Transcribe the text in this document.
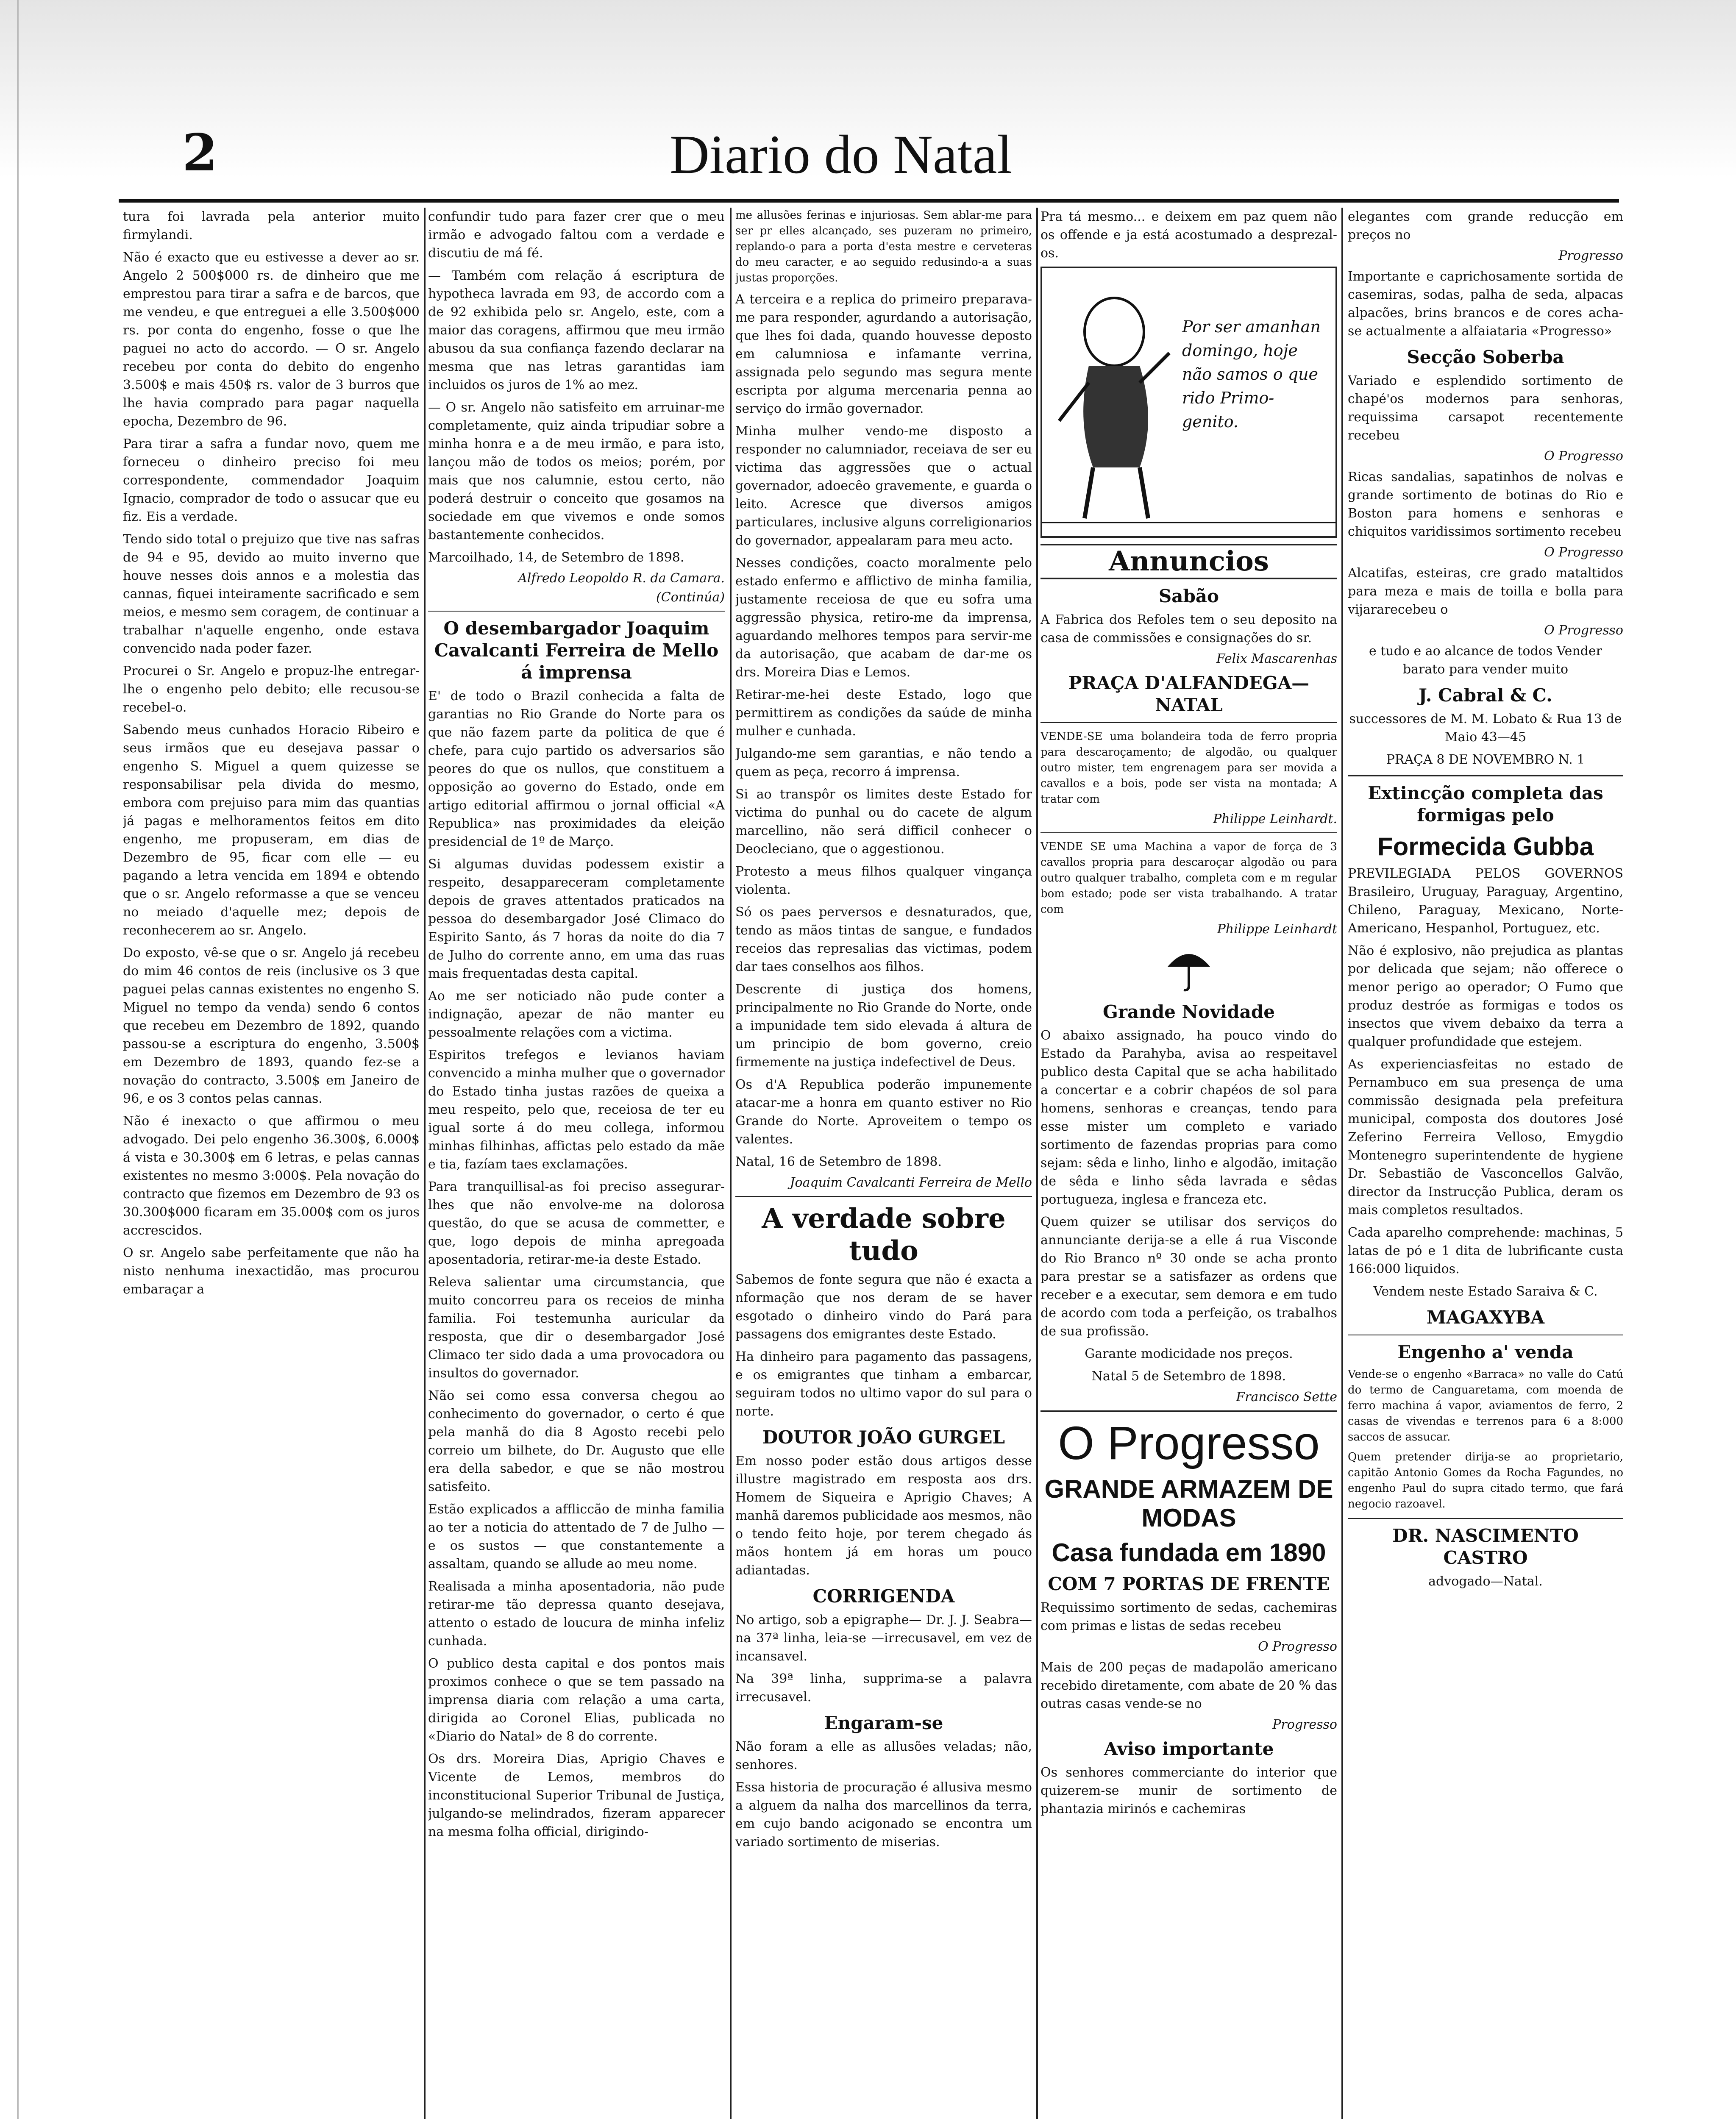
2	Diario do Natal

tura foi lavrada pela anterior muito firmylandi.

Não é exacto que eu estivesse a dever ao sr. Angelo 2 500$000 rs. de dinheiro que me emprestou para tirar a safra e de barcos, que me vendeu, e que entreguei a elle 3.500$000 rs. por conta do engenho, fosse o que lhe paguei no acto do accordo. — O sr. Angelo recebeu por conta do debito do engenho 3.500$ e mais 450$ rs. valor de 3 burros que lhe havia comprado para pagar naquella epocha, Dezembro de 96.

Para tirar a safra a fundar novo, quem me forneceu o dinheiro preciso foi meu correspondente, commendador Joaquim Ignacio, comprador de todo o assucar que eu fiz. Eis a verdade.

Tendo sido total o prejuizo que tive nas safras de 94 e 95, devido ao muito inverno que houve nesses dois annos e a molestia das cannas, fiquei inteiramente sacrificado e sem meios, e mesmo sem coragem, de continuar a trabalhar n'aquelle engenho, onde estava convencido nada poder fazer.

Procurei o Sr. Angelo e propuz-lhe entregar-lhe o engenho pelo debito; elle recusou-se recebel-o.

Sabendo meus cunhados Horacio Ribeiro e seus irmãos que eu desejava passar o engenho S. Miguel a quem quizesse se responsabilisar pela divida do mesmo, embora com prejuiso para mim das quantias já pagas e melhoramentos feitos em dito engenho, me propuseram, em dias de Dezembro de 95, ficar com elle — eu pagando a letra vencida em 1894 e obtendo que o sr. Angelo reformasse a que se venceu no meiado d'aquelle mez; depois de reconhecerem ao sr. Angelo.

Do exposto, vê-se que o sr. Angelo já recebeu do mim 46 contos de reis (inclusive os 3 que paguei pelas cannas existentes no engenho S. Miguel no tempo da venda) sendo 6 contos que recebeu em Dezembro de 1892, quando passou-se a escriptura do engenho, 3.500$ em Dezembro de 1893, quando fez-se a novação do contracto, 3.500$ em Janeiro de 96, e os 3 contos pelas cannas.

Não é inexacto o que affirmou o meu advogado. Dei pelo engenho 36.300$, 6.000$ á vista e 30.300$ em 6 letras, e pelas cannas existentes no mesmo 3:000$. Pela novação do contracto que fizemos em Dezembro de 93 os 30.300$000 ficaram em 35.000$ com os juros accrescidos.

O sr. Angelo sabe perfeitamente que não ha nisto nenhuma inexactidão, mas procurou embaraçar a

confundir tudo para fazer crer que o meu irmão e advogado faltou com a verdade e discutiu de má fé.

— Também com relação á escriptura de hypotheca lavrada em 93, de accordo com a de 92 exhibida pelo sr. Angelo, este, com a maior das coragens, affirmou que meu irmão abusou da sua confiança fazendo declarar na mesma que nas letras garantidas iam incluidos os juros de 1% ao mez.

— O sr. Angelo não satisfeito em arruinar-me completamente, quiz ainda tripudiar sobre a minha honra e a de meu irmão, e para isto, lançou mão de todos os meios; porém, por mais que nos calumnie, estou certo, não poderá destruir o conceito que gosamos na sociedade em que vivemos e onde somos bastantemente conhecidos.

Marcoilhado, 14, de Setembro de 1898.

Alfredo Leopoldo R. da Camara.

(Continúa)

O desembargador Joaquim Cavalcanti Ferreira de Mello á imprensa

E' de todo o Brazil conhecida a falta de garantias no Rio Grande do Norte para os que não fazem parte da politica de que é chefe, para cujo partido os adversarios são peores do que os nullos, que constituem a opposição ao governo do Estado, onde em artigo editorial affirmou o jornal official «A Republica» nas proximidades da eleição presidencial de 1º de Março.

Si algumas duvidas podessem existir a respeito, desappareceram completamente depois de graves attentados praticados na pessoa do desembargador José Climaco do Espirito Santo, ás 7 horas da noite do dia 7 de Julho do corrente anno, em uma das ruas mais frequentadas desta capital.

Ao me ser noticiado não pude conter a indignação, apezar de não manter eu pessoalmente relações com a victima.

Espiritos trefegos e levianos haviam convencido a minha mulher que o governador do Estado tinha justas razões de queixa a meu respeito, pelo que, receiosa de ter eu igual sorte á do meu collega, informou minhas filhinhas, affictas pelo estado da mãe e tia, fazíam taes exclamações.

Para tranquillisal-as foi preciso assegurar-lhes que não envolve-me na dolorosa questão, do que se acusa de commetter, e que, logo depois de minha apregoada aposentadoria, retirar-me-ia deste Estado.

Releva salientar uma circumstancia, que muito concorreu para os receios de minha familia. Foi testemunha auricular da resposta, que dir o desembargador José Climaco ter sido dada a uma provocadora ou insultos do governador.

Não sei como essa conversa chegou ao conhecimento do governador, o certo é que pela manhã do dia 8 Agosto recebi pelo correio um bilhete, do Dr. Augusto que elle era della sabedor, e que se não mostrou satisfeito.

Estão explicados a affliccão de minha familia ao ter a noticia do attentado de 7 de Julho — e os sustos — que constantemente a assaltam, quando se allude ao meu nome.

Realisada a minha aposentadoria, não pude retirar-me tão depressa quanto desejava, attento o estado de loucura de minha infeliz cunhada.

O publico desta capital e dos pontos mais proximos conhece o que se tem passado na imprensa diaria com relação a uma carta, dirigida ao Coronel Elias, publicada no «Diario do Natal» de 8 do corrente.

Os drs. Moreira Dias, Aprigio Chaves e Vicente de Lemos, membros do inconstitucional Superior Tribunal de Justiça, julgando-se melindrados, fizeram apparecer na mesma folha official, dirigindo-

me allusões ferinas e injuriosas. Sem ablar-me para ser pr elles alcançado, ses puzeram no primeiro, replando-o para a porta d'esta mestre e cerveteras do meu caracter, e ao seguido redusindo-a a suas justas proporções.

A terceira e a replica do primeiro preparava-me para responder, agurdando a autorisação, que lhes foi dada, quando houvesse deposto em calumniosa e infamante verrina, assignada pelo segundo mas segura mente escripta por alguma mercenaria penna ao serviço do irmão governador.

Minha mulher vendo-me disposto a responder no calumniador, receiava de ser eu victima das aggressões que o actual governador, adoecêo gravemente, e guarda o leito. Acresce que diversos amigos particulares, inclusive alguns correligionarios do governador, appealaram para meu acto.

Nesses condições, coacto moralmente pelo estado enfermo e afflictivo de minha familia, justamente receiosa de que eu sofra uma aggressão physica, retiro-me da imprensa, aguardando melhores tempos para servir-me da autorisação, que acabam de dar-me os drs. Moreira Dias e Lemos.

Retirar-me-hei deste Estado, logo que permittirem as condições da saúde de minha mulher e cunhada.

Julgando-me sem garantias, e não tendo a quem as peça, recorro á imprensa.

Si ao transpôr os limites deste Estado for victima do punhal ou do cacete de algum marcellino, não será difficil conhecer o Deocleciano, que o aggestionou.

Protesto a meus filhos qualquer vingança violenta.

Só os paes perversos e desnaturados, que, tendo as mãos tintas de sangue, e fundados receios das represalias das victimas, podem dar taes conselhos aos filhos.

Descrente di justiça dos homens, principalmente no Rio Grande do Norte, onde a impunidade tem sido elevada á altura de um principio de bom governo, creio firmemente na justiça indefectivel de Deus.

Os d'A Republica poderão impunemente atacar-me a honra em quanto estiver no Rio Grande do Norte. Aproveitem o tempo os valentes.

Natal, 16 de Setembro de 1898.

Joaquim Cavalcanti Ferreira de Mello

A verdade sobre tudo

Sabemos de fonte segura que não é exacta a nformação que nos deram de se haver esgotado o dinheiro vindo do Pará para passagens dos emigrantes deste Estado.

Ha dinheiro para pagamento das passagens, e os emigrantes que tinham a embarcar, seguiram todos no ultimo vapor do sul para o norte.

DOUTOR JOÃO GURGEL

Em nosso poder estão dous artigos desse illustre magistrado em resposta aos drs. Homem de Siqueira e Aprigio Chaves; A manhã daremos publicidade aos mesmos, não o tendo feito hoje, por terem chegado ás mãos hontem já em horas um pouco adiantadas.

CORRIGENDA

No artigo, sob a epigraphe— Dr. J. J. Seabra—na 37ª linha, leia-se —irrecusavel, em vez de incansavel.

Na 39ª linha, supprima-se a palavra irrecusavel.

Engaram-se

Não foram a elle as allusões veladas; não, senhores.

Essa historia de procuração é allusiva mesmo a alguem da nalha dos marcellinos da terra, em cujo bando acigonado se encontra um variado sortimento de miserias.

Pra tá mesmo... e deixem em paz quem não os offende e ja está acostumado a desprezal-os.

Por ser amanhan domingo, hoje não samos o que rido Primo-genito.
Annuncios
Sabão

A Fabrica dos Refoles tem o seu deposito na casa de commissões e consignações do sr.

Felix Mascarenhas

PRAÇA D'ALFANDEGA—NATAL

VENDE-SE uma bolandeira toda de ferro propria para descaroçamento; de algodão, ou qualquer outro mister, tem engrenagem para ser movida a cavallos e a bois, pode ser vista na montada; A tratar com

Philippe Leinhardt.

VENDE SE uma Machina a vapor de força de 3 cavallos propria para descaroçar algodão ou para outro qualquer trabalho, completa com e m regular bom estado; pode ser vista trabalhando. A tratar com

Philippe Leinhardt

Grande Novidade

O abaixo assignado, ha pouco vindo do Estado da Parahyba, avisa ao respeitavel publico desta Capital que se acha habilitado a concertar e a cobrir chapéos de sol para homens, senhoras e creanças, tendo para esse mister um completo e variado sortimento de fazendas proprias para como sejam: sêda e linho, linho e algodão, imitação de sêda e linho sêda lavrada e sêdas portugueza, inglesa e franceza etc.

Quem quizer se utilisar dos serviços do annunciante derija-se a elle á rua Visconde do Rio Branco nº 30 onde se acha pronto para prestar se a satisfazer as ordens que receber e a executar, sem demora e em tudo de acordo com toda a perfeição, os trabalhos de sua profissão.

Garante modicidade nos preços.

Natal 5 de Setembro de 1898.

Francisco Sette

O Progresso
GRANDE ARMAZEM DE MODAS
Casa fundada em 1890
COM 7 PORTAS DE FRENTE

Requissimo sortimento de sedas, cachemiras com primas e listas de sedas recebeu

O Progresso

Mais de 200 peças de madapolão americano recebido diretamente, com abate de 20 % das outras casas vende-se no

Progresso

Aviso importante

Os senhores commerciante do interior que quizerem-se munir de sortimento de phantazia mirinós e cachemiras

elegantes com grande reducção em preços no

Progresso

Importante e caprichosamente sortida de casemiras, sodas, palha de seda, alpacas alpacões, brins brancos e de cores acha-se actualmente a alfaiataria «Progresso»

Secção Soberba

Variado e esplendido sortimento de chapé'os modernos para senhoras, requissima carsapot recentemente recebeu

O Progresso

Ricas sandalias, sapatinhos de nolvas e grande sortimento de botinas do Rio e Boston para homens e senhoras e chiquitos varidissimos sortimento recebeu

O Progresso

Alcatifas, esteiras, cre grado mataltidos para meza e mais de toilla e bolla para vijararecebeu o

O Progresso

e tudo e ao alcance de todos Vender barato para vender muito

J. Cabral & C.

successores de M. M. Lobato & Rua 13 de Maio 43—45

PRAÇA 8 DE NOVEMBRO N. 1

Extincção completa das formigas pelo
Formecida Gubba

PREVILEGIADA PELOS GOVERNOS Brasileiro, Uruguay, Paraguay, Argentino, Chileno, Paraguay, Mexicano, Norte-Americano, Hespanhol, Portuguez, etc.

Não é explosivo, não prejudica as plantas por delicada que sejam; não offerece o menor perigo ao operador; O Fumo que produz destróe as formigas e todos os insectos que vivem debaixo da terra a qualquer profundidade que estejem.

As experienciasfeitas no estado de Pernambuco em sua presença de uma commissão designada pela prefeitura municipal, composta dos doutores José Zeferino Ferreira Velloso, Emygdio Montenegro superintendente de hygiene Dr. Sebastião de Vasconcellos Galvão, director da Instrucção Publica, deram os mais completos resultados.

Cada aparelho comprehende: machinas, 5 latas de pó e 1 dita de lubrificante custa 166:000 liquidos.

Vendem neste Estado Saraiva & C.

MAGAXYBA
Engenho a' venda

Vende-se o engenho «Barraca» no valle do Catú do termo de Canguaretama, com moenda de ferro machina á vapor, aviamentos de ferro, 2 casas de vivendas e terrenos para 6 a 8:000 saccos de assucar.

Quem pretender dirija-se ao proprietario, capitão Antonio Gomes da Rocha Fagundes, no engenho Paul do supra citado termo, que fará negocio razoavel.

DR. NASCIMENTO CASTRO

advogado—Natal.
